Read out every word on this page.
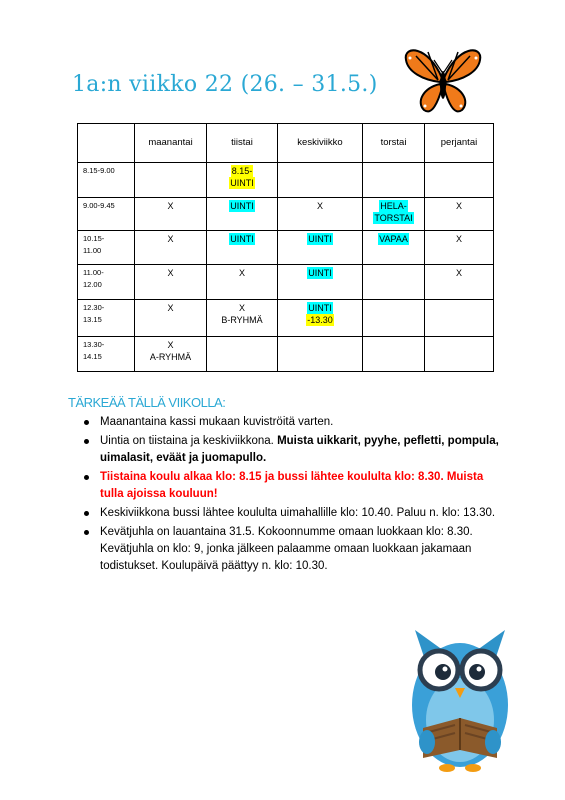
1a:n viikko 22 (26. – 31.5.)
	maanantai	tiistai	keskiviikko	torstai	perjantai
8.15-9.00		8.15-
UINTI			
9.00-9.45	X	UINTI	X	HELA-
TORSTAI	X
10.15-
11.00	X	UINTI	UINTI	VAPAA	X
11.00-
12.00	X	X	UINTI		X
12.30-
13.15	X	X
B-RYHMÄ	UINTI
-13.30		
13.30-
14.15	X
A-RYHMÄ				
TÄRKEÄÄ TÄLLÄ VIIKOLLA:
Maanantaina kassi mukaan kuviströitä varten.
Uintia on tiistaina ja keskiviikkona. Muista uikkarit, pyyhe, pefletti, pompula, uimalasit, eväät ja juomapullo.
Tiistaina koulu alkaa klo: 8.15 ja bussi lähtee koululta klo: 8.30. Muista tulla ajoissa kouluun!
Keskiviikkona bussi lähtee koululta uimahallille klo: 10.40. Paluu n. klo: 13.30.
Kevätjuhla on lauantaina 31.5. Kokoonnumme omaan luokkaan klo: 8.30. Kevätjuhla on klo: 9, jonka jälkeen palaamme omaan luokkaan jakamaan todistukset. Koulupäivä päättyy n. klo: 10.30.
